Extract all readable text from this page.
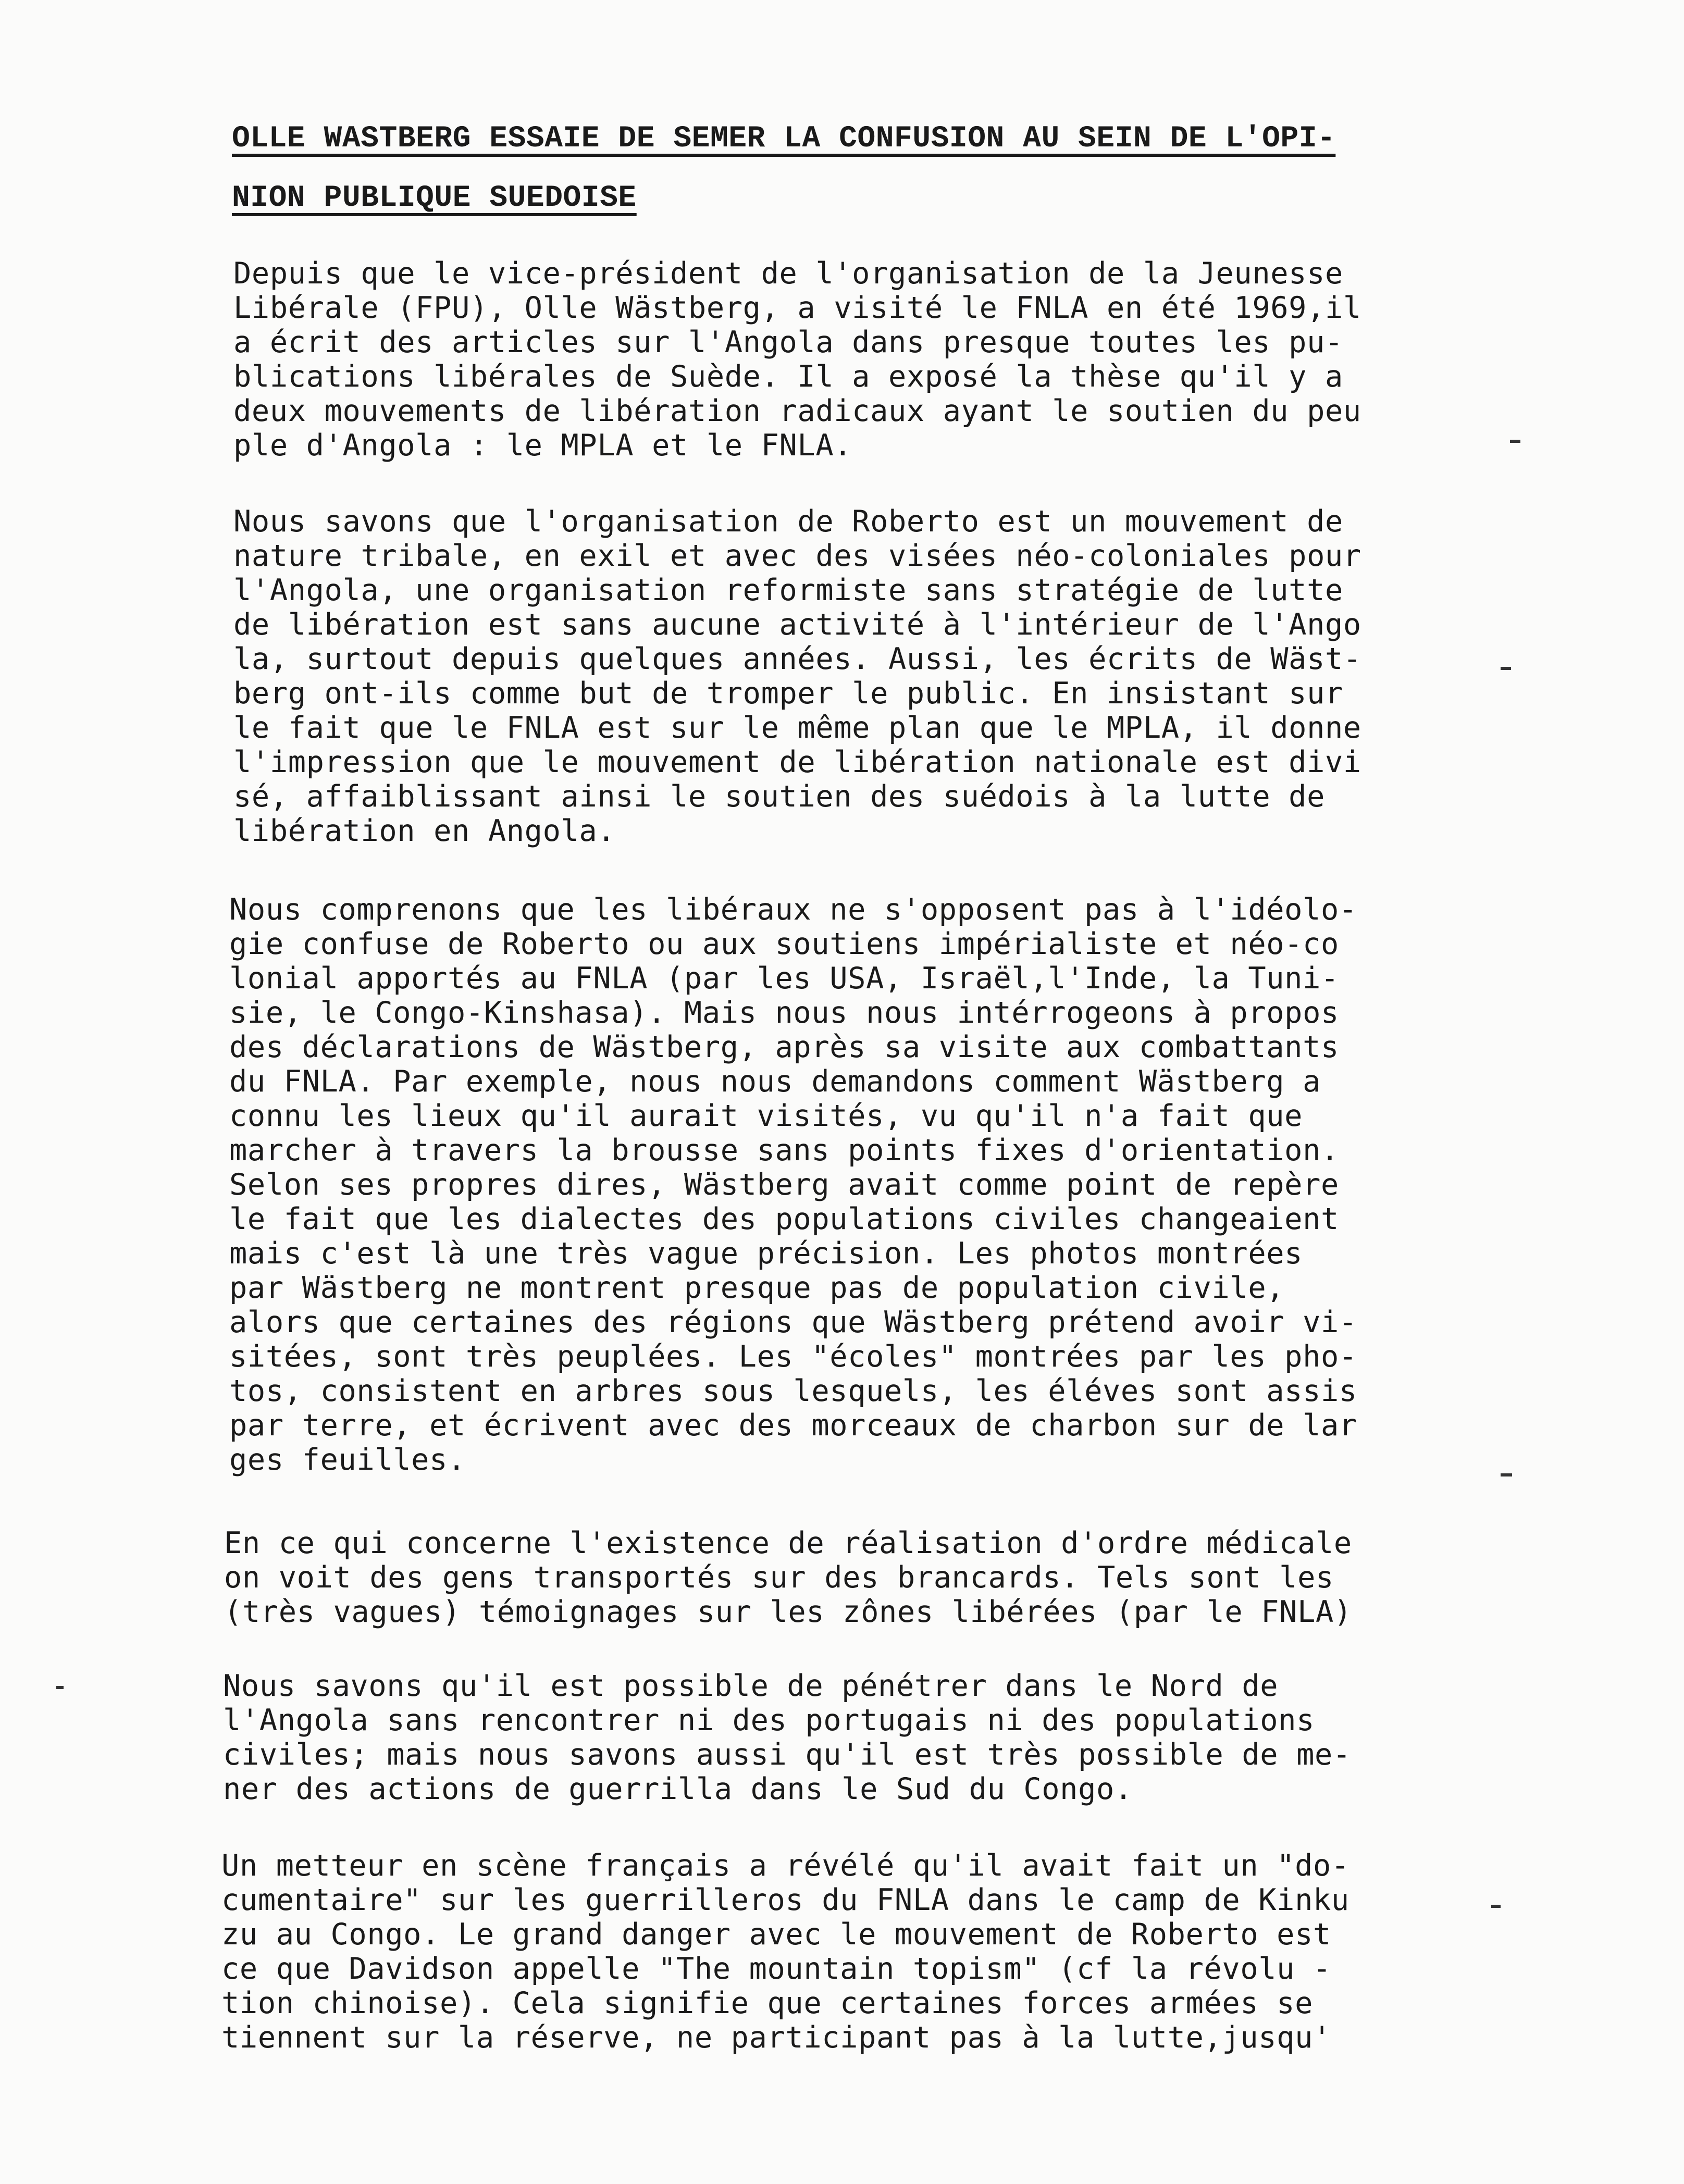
OLLE WASTBERG ESSAIE DE SEMER LA CONFUSION AU SEIN DE L'OPI-
NION PUBLIQUE SUEDOISE
Depuis que le vice-président de l'organisation de la Jeunesse
Libérale (FPU), Olle Wästberg, a visité le FNLA en été 1969,il
a écrit des articles sur l'Angola dans presque toutes les pu-
blications libérales de Suède. Il a exposé la thèse qu'il y a
deux mouvements de libération radicaux ayant le soutien du peu
ple d'Angola : le MPLA et le FNLA.
Nous savons que l'organisation de Roberto est un mouvement de
nature tribale, en exil et avec des visées néo-coloniales pour
l'Angola, une organisation reformiste sans stratégie de lutte
de libération est sans aucune activité à l'intérieur de l'Ango
la, surtout depuis quelques années. Aussi, les écrits de Wäst-
berg ont-ils comme but de tromper le public. En insistant sur
le fait que le FNLA est sur le même plan que le MPLA, il donne
l'impression que le mouvement de libération nationale est divi
sé, affaiblissant ainsi le soutien des suédois à la lutte de
libération en Angola.
Nous comprenons que les libéraux ne s'opposent pas à l'idéolo-
gie confuse de Roberto ou aux soutiens impérialiste et néo-co
lonial apportés au FNLA (par les USA, Israël,l'Inde, la Tuni-
sie, le Congo-Kinshasa). Mais nous nous intérrogeons à propos
des déclarations de Wästberg, après sa visite aux combattants
du FNLA. Par exemple, nous nous demandons comment Wästberg a
connu les lieux qu'il aurait visités, vu qu'il n'a fait que
marcher à travers la brousse sans points fixes d'orientation.
Selon ses propres dires, Wästberg avait comme point de repère
le fait que les dialectes des populations civiles changeaient
mais c'est là une très vague précision. Les photos montrées
par Wästberg ne montrent presque pas de population civile,
alors que certaines des régions que Wästberg prétend avoir vi-
sitées, sont très peuplées. Les "écoles" montrées par les pho-
tos, consistent en arbres sous lesquels, les éléves sont assis
par terre, et écrivent avec des morceaux de charbon sur de lar
ges feuilles.
En ce qui concerne l'existence de réalisation d'ordre médicale
on voit des gens transportés sur des brancards. Tels sont les
(très vagues) témoignages sur les zônes libérées (par le FNLA)
Nous savons qu'il est possible de pénétrer dans le Nord de
l'Angola sans rencontrer ni des portugais ni des populations
civiles; mais nous savons aussi qu'il est très possible de me-
ner des actions de guerrilla dans le Sud du Congo.
Un metteur en scène français a révélé qu'il avait fait un "do-
cumentaire" sur les guerrilleros du FNLA dans le camp de Kinku
zu au Congo. Le grand danger avec le mouvement de Roberto est
ce que Davidson appelle "The mountain topism" (cf la révolu -
tion chinoise). Cela signifie que certaines forces armées se
tiennent sur la réserve, ne participant pas à la lutte,jusqu'
